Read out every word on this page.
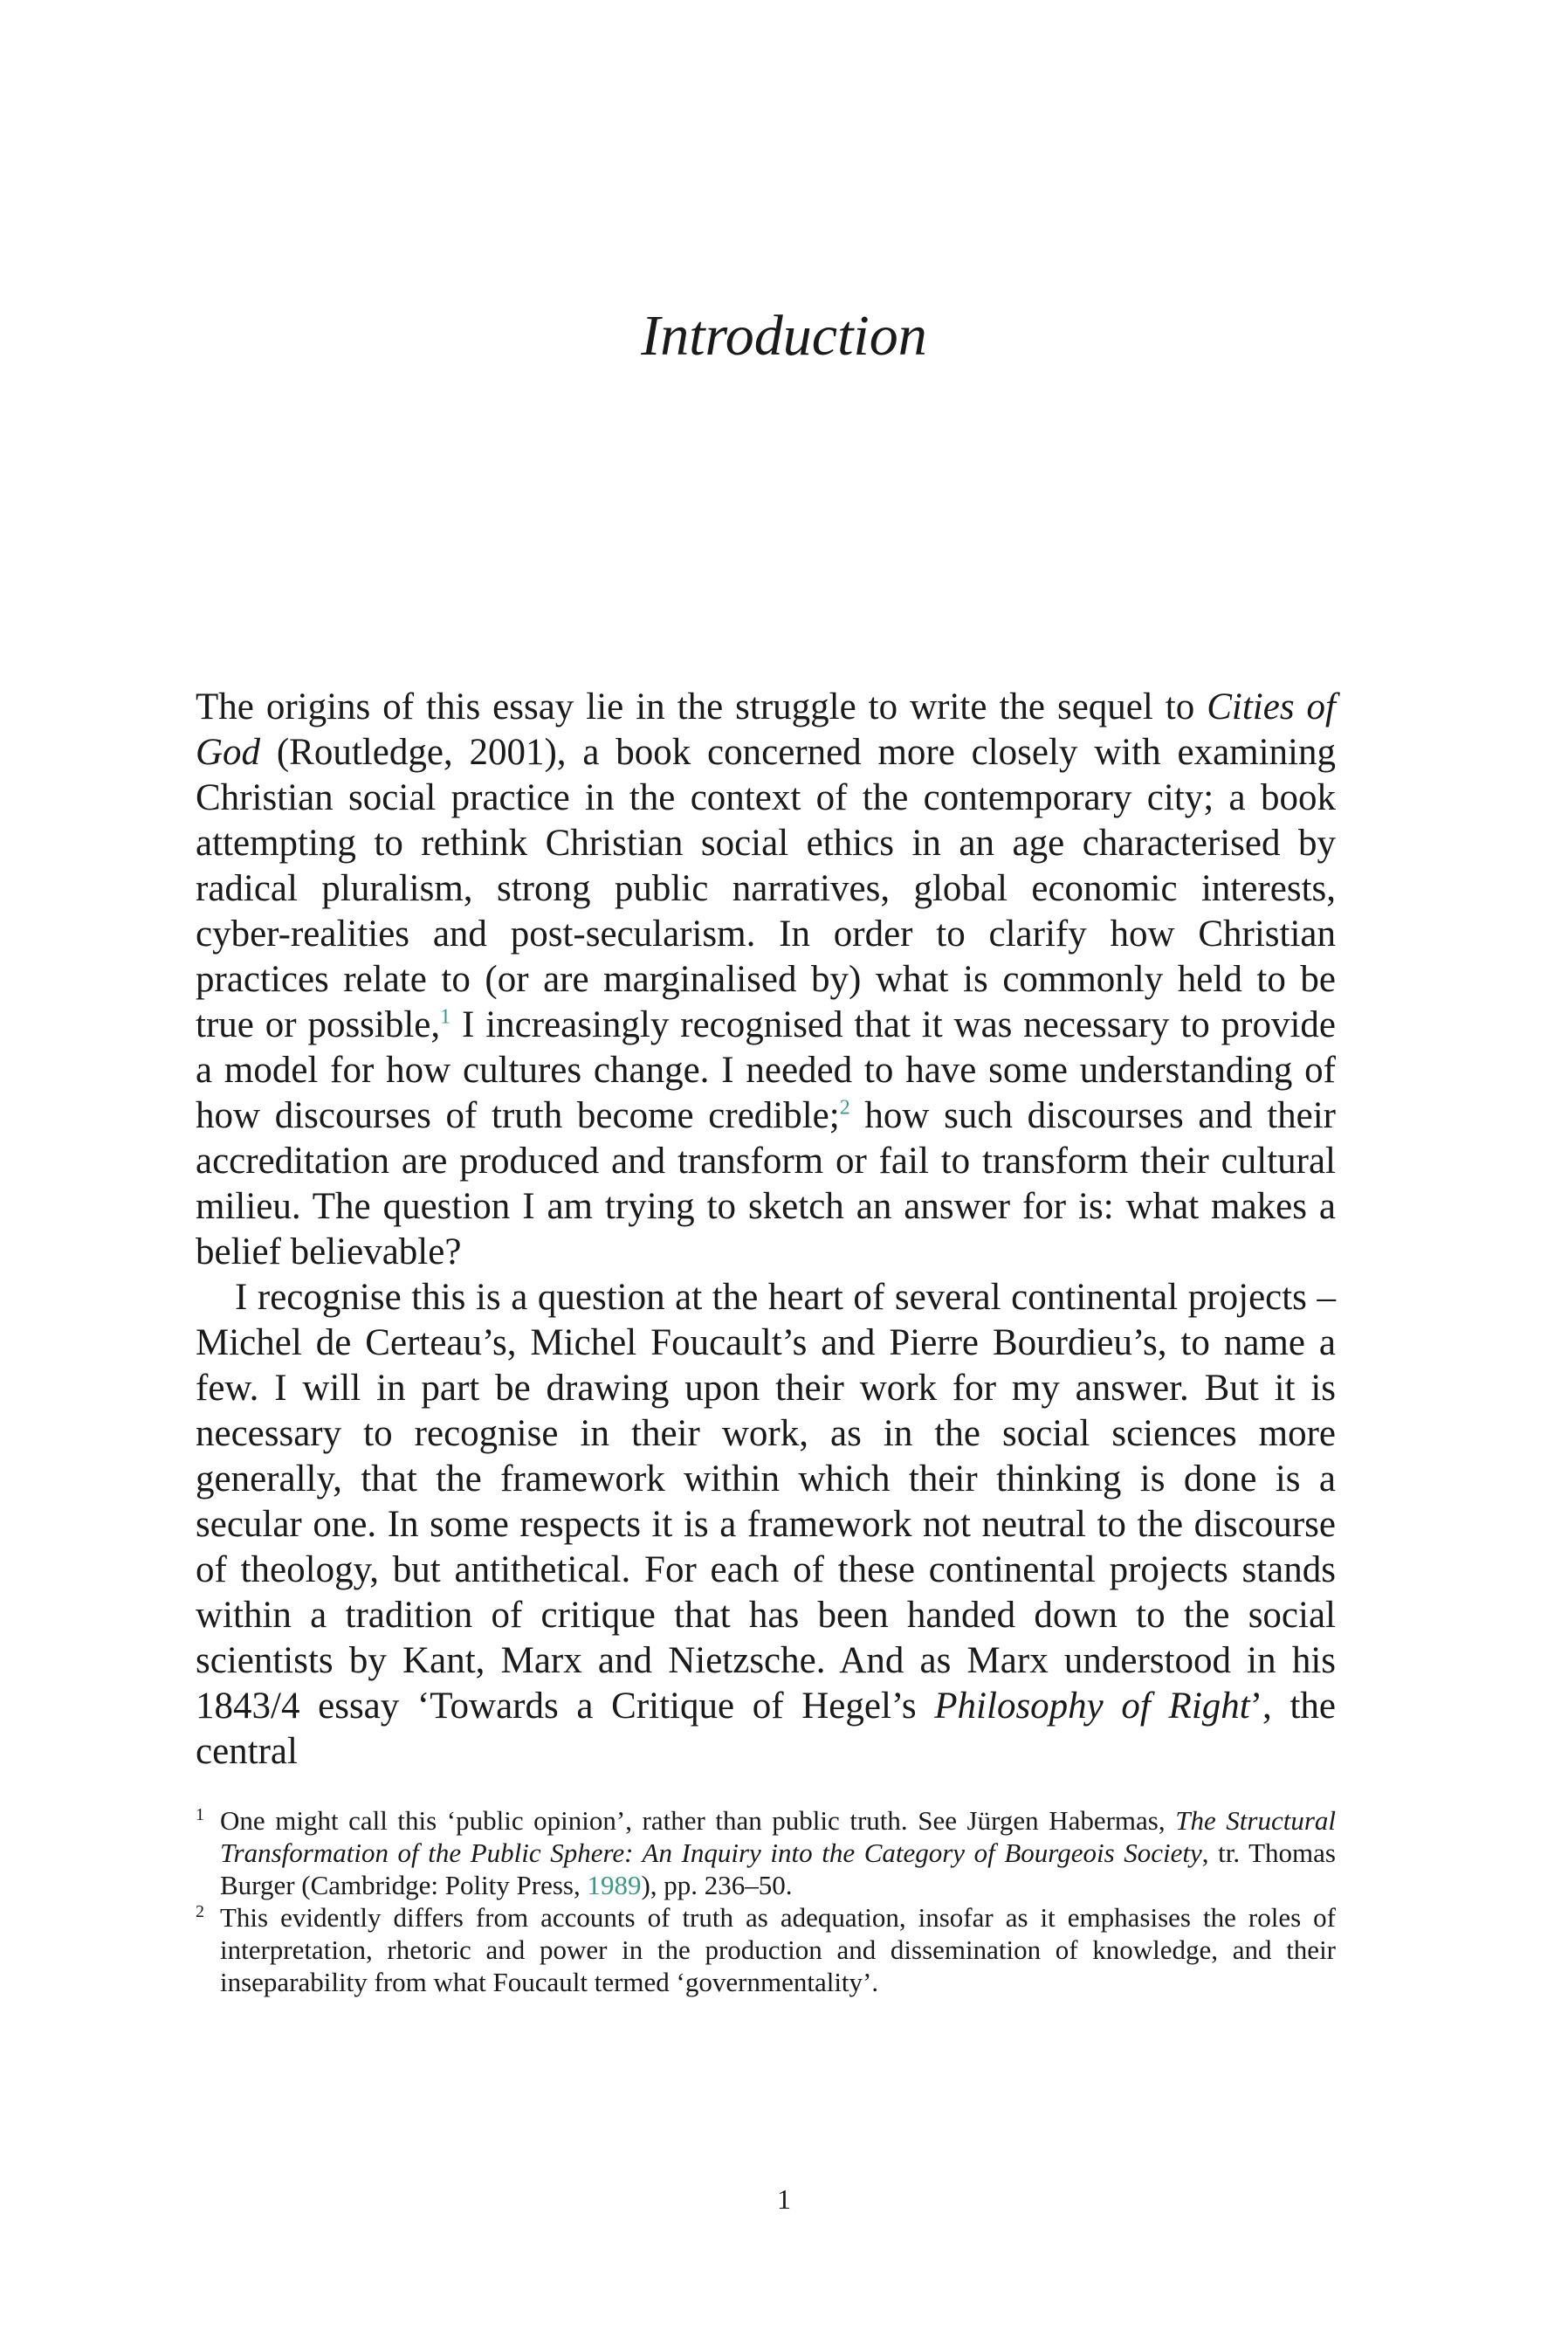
Introduction

The origins of this essay lie in the struggle to write the sequel to Cities of God (Routledge, 2001), a book concerned more closely with examining Christian social practice in the context of the contemporary city; a book attempting to rethink Christian social ethics in an age characterised by radical pluralism, strong public narratives, global economic interests, cyber-realities and post-secularism. In order to clarify how Christian practices relate to (or are marginalised by) what is commonly held to be true or possible,$^1$ I increasingly recognised that it was necessary to provide a model for how cultures change. I needed to have some understanding of how discourses of truth become credible;$^2$ how such discourses and their accreditation are produced and transform or fail to transform their cultural milieu. The question I am trying to sketch an answer for is: what makes a belief believable?

I recognise this is a question at the heart of several continental projects – Michel de Certeau’s, Michel Foucault’s and Pierre Bourdieu’s, to name a few. I will in part be drawing upon their work for my answer. But it is necessary to recognise in their work, as in the social sciences more generally, that the framework within which their thinking is done is a secular one. In some respects it is a framework not neutral to the discourse of theology, but antithetical. For each of these continental projects stands within a tradition of critique that has been handed down to the social scientists by Kant, Marx and Nietzsche. And as Marx understood in his 1843/4 essay ‘Towards a Critique of Hegel’s Philosophy of Right’, the central

1 One might call this ‘public opinion’, rather than public truth. See Jürgen Habermas, The Structural Transformation of the Public Sphere: An Inquiry into the Category of Bourgeois Society, tr. Thomas Burger (Cambridge: Polity Press, 1989), pp. 236–50.

2 This evidently differs from accounts of truth as adequation, insofar as it emphasises the roles of interpretation, rhetoric and power in the production and dissemination of knowledge, and their inseparability from what Foucault termed ‘governmentality’.

1
